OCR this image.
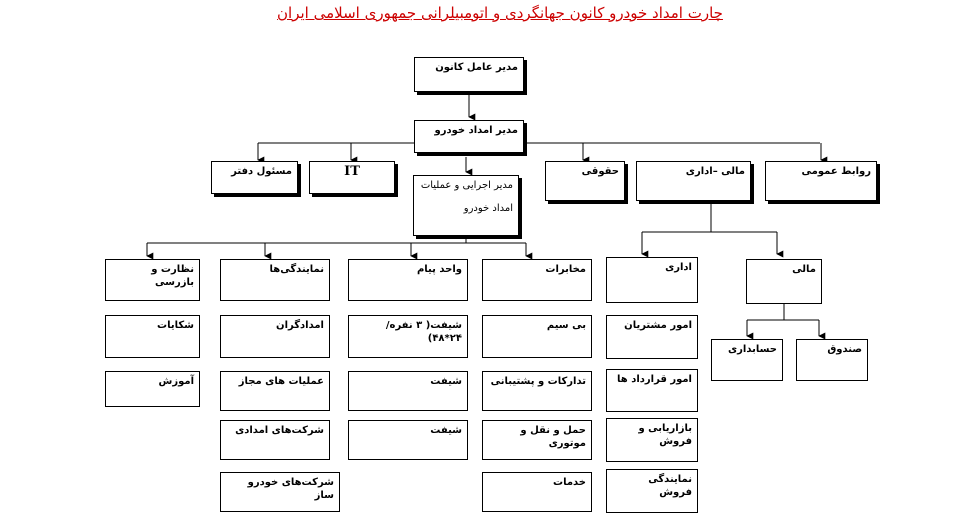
چارت امداد خودرو کانون جهانگردی و اتومبیلرانی جمهوری اسلامی ایران
مدیر عامل کانون
مدیر امداد خودرو
مسئول دفتر	IT
مدیر اجرایی و عملیات
امداد خودرو
حقوقی	مالی –اداری	روابط عمومی
نظارت و بازرسی
شکایات
آموزش
نمایندگی‌ها
امدادگران
عملیات های مجاز
شرکت‌های امدادی
شرکت‌های خودرو ساز
واحد پیام
شیفت( ۳ نفره/ ۲۴*۴۸)
شیفت
شیفت
مخابرات
بی سیم
تدارکات و پشتیبانی
حمل و نقل و موتوری
خدمات
اداری
امور مشتریان
امور قرارداد ها
بازاریابی و فروش
نمایندگی فروش
مالی
حسابداری	صندوق
